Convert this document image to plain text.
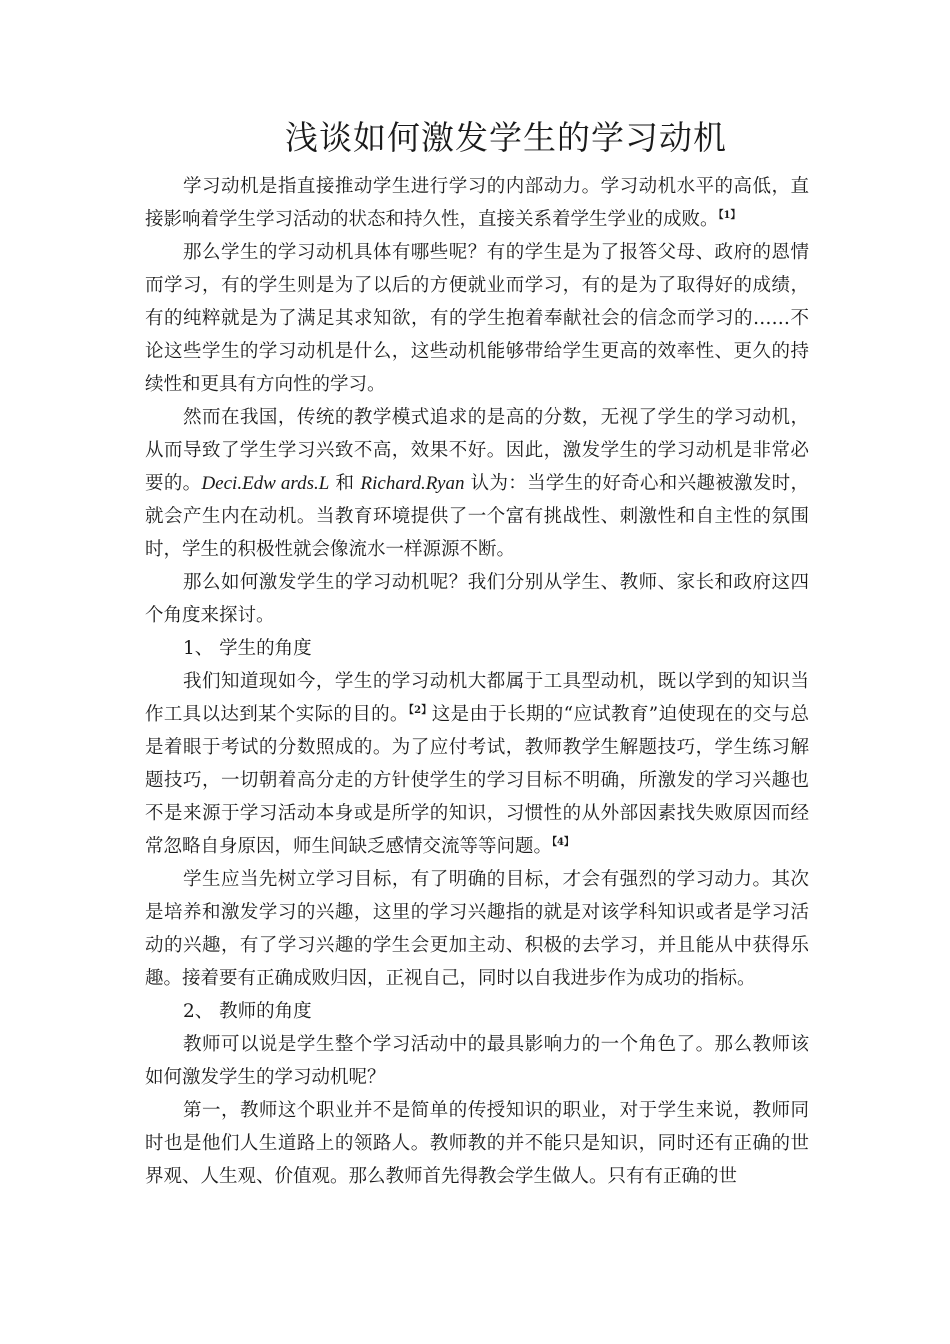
浅谈如何激发学生的学习动机

学习动机是指直接推动学生进行学习的内部动力。学习动机水平的高低，直接影响着学生学习活动的状态和持久性，直接关系着学生学业的成败。$^{【1】}$

那么学生的学习动机具体有哪些呢？有的学生是为了报答父母、政府的恩情而学习，有的学生则是为了以后的方便就业而学习，有的是为了取得好的成绩，有的纯粹就是为了满足其求知欲，有的学生抱着奉献社会的信念而学习的……不论这些学生的学习动机是什么，这些动机能够带给学生更高的效率性、更久的持续性和更具有方向性的学习。

然而在我国，传统的教学模式追求的是高的分数，无视了学生的学习动机，从而导致了学生学习兴致不高，效果不好。因此，激发学生的学习动机是非常必要的。Deci.Edw ards.L 和 Richard.Ryan 认为：当学生的好奇心和兴趣被激发时，就会产生内在动机。当教育环境提供了一个富有挑战性、刺激性和自主性的氛围时，学生的积极性就会像流水一样源源不断。

那么如何激发学生的学习动机呢？我们分别从学生、教师、家长和政府这四个角度来探讨。

1、 学生的角度

我们知道现如今，学生的学习动机大都属于工具型动机，既以学到的知识当作工具以达到某个实际的目的。$^{【2】}$这是由于长期的“应试教育”迫使现在的交与总是着眼于考试的分数照成的。为了应付考试，教师教学生解题技巧，学生练习解题技巧，一切朝着高分走的方针使学生的学习目标不明确，所激发的学习兴趣也不是来源于学习活动本身或是所学的知识，习惯性的从外部因素找失败原因而经常忽略自身原因，师生间缺乏感情交流等等问题。$^{【4】}$

学生应当先树立学习目标，有了明确的目标，才会有强烈的学习动力。其次是培养和激发学习的兴趣，这里的学习兴趣指的就是对该学科知识或者是学习活动的兴趣，有了学习兴趣的学生会更加主动、积极的去学习，并且能从中获得乐趣。接着要有正确成败归因，正视自己，同时以自我进步作为成功的指标。

2、 教师的角度

教师可以说是学生整个学习活动中的最具影响力的一个角色了。那么教师该如何激发学生的学习动机呢？

第一，教师这个职业并不是简单的传授知识的职业，对于学生来说，教师同时也是他们人生道路上的领路人。教师教的并不能只是知识，同时还有正确的世界观、人生观、价值观。那么教师首先得教会学生做人。只有有正确的世
